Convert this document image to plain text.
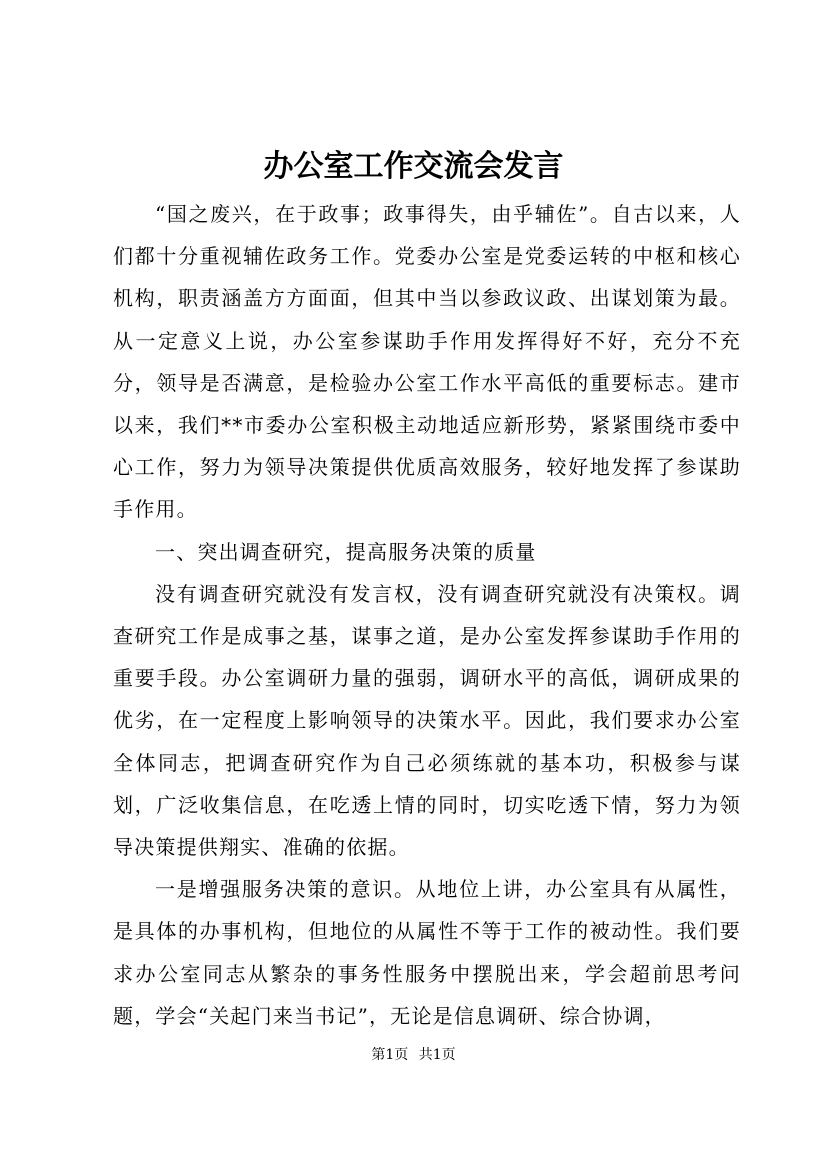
办公室工作交流会发言

“国之废兴，在于政事；政事得失，由乎辅佐”。自古以来，人们都十分重视辅佐政务工作。党委办公室是党委运转的中枢和核心机构，职责涵盖方方面面，但其中当以参政议政、出谋划策为最。从一定意义上说，办公室参谋助手作用发挥得好不好，充分不充分，领导是否满意，是检验办公室工作水平高低的重要标志。建市以来，我们**市委办公室积极主动地适应新形势，紧紧围绕市委中心工作，努力为领导决策提供优质高效服务，较好地发挥了参谋助手作用。

一、突出调查研究，提高服务决策的质量

没有调查研究就没有发言权，没有调查研究就没有决策权。调查研究工作是成事之基，谋事之道，是办公室发挥参谋助手作用的重要手段。办公室调研力量的强弱，调研水平的高低，调研成果的优劣，在一定程度上影响领导的决策水平。因此，我们要求办公室全体同志，把调查研究作为自己必须练就的基本功，积极参与谋划，广泛收集信息，在吃透上情的同时，切实吃透下情，努力为领导决策提供翔实、准确的依据。

一是增强服务决策的意识。从地位上讲，办公室具有从属性，是具体的办事机构，但地位的从属性不等于工作的被动性。我们要求办公室同志从繁杂的事务性服务中摆脱出来，学会超前思考问题，学会“关起门来当书记”，无论是信息调研、综合协调，

第1页 共1页
